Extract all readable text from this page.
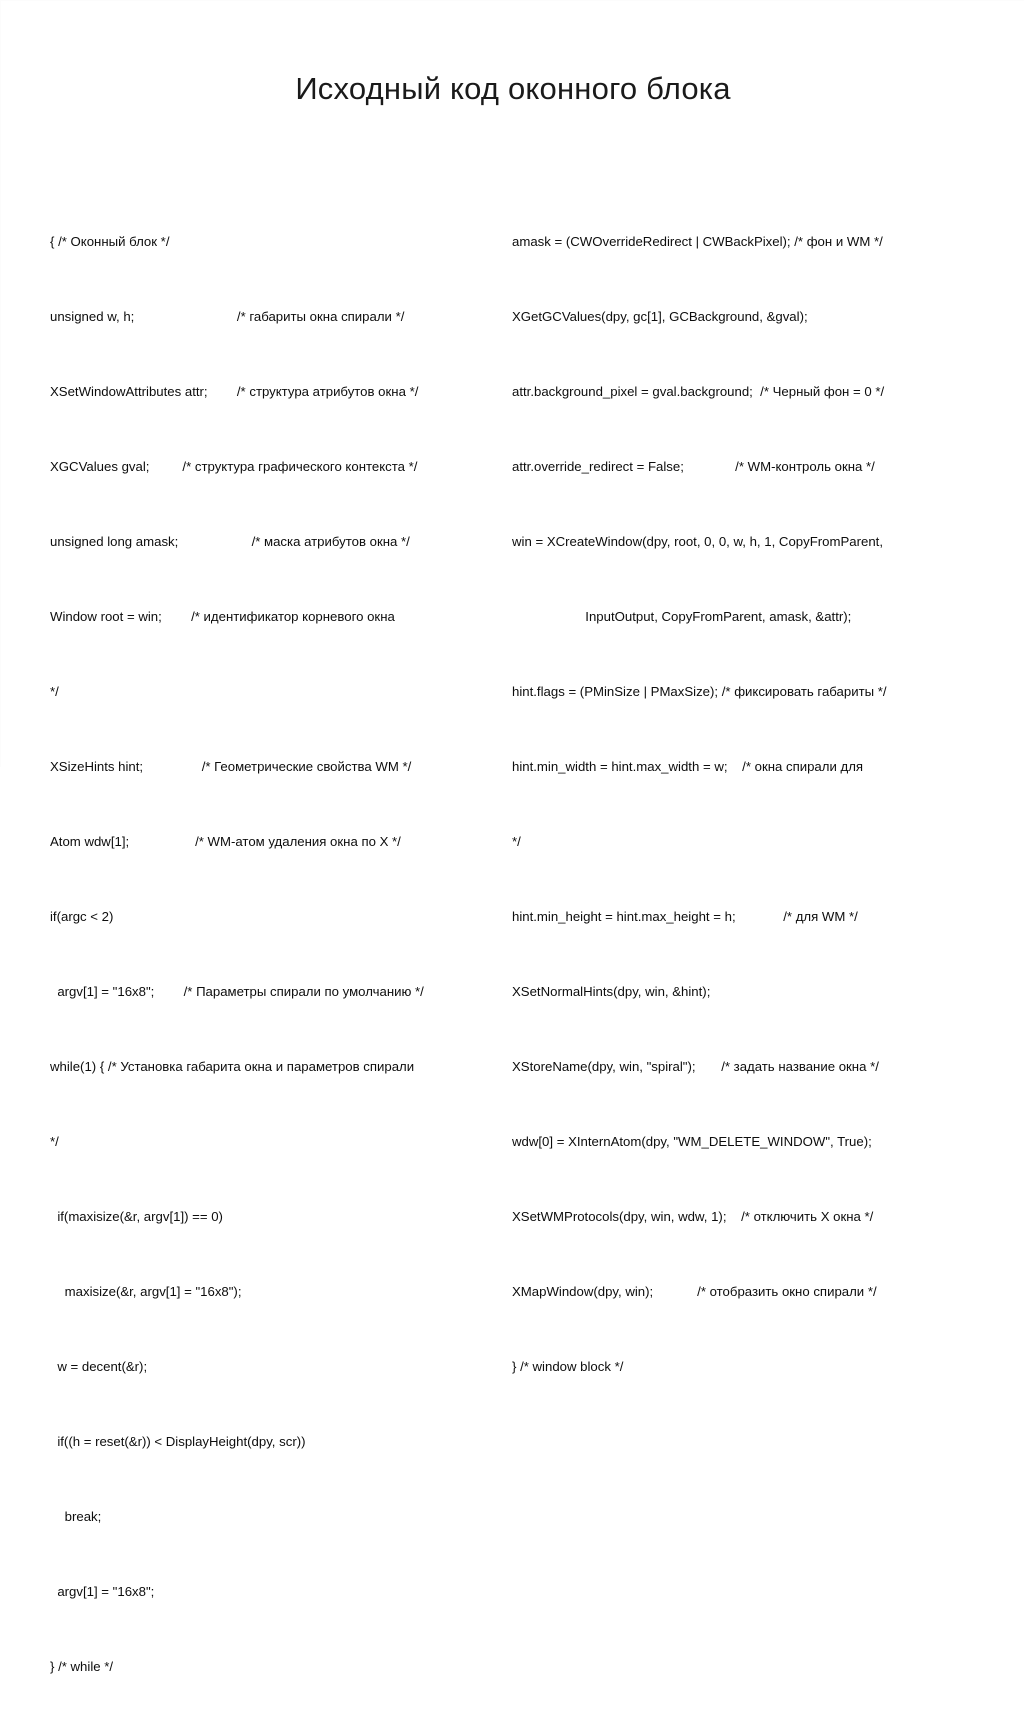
Исходный код оконного блока

{ /* Оконный блок */

unsigned w, h;                            /* габариты окна спирали */

XSetWindowAttributes attr;        /* структура атрибутов окна */

XGCValues gval;         /* структура графического контекста */

unsigned long amask;                    /* маска атрибутов окна */

Window root = win;        /* идентификатор корневого окна

*/

XSizeHints hint;                /* Геометрические свойства WM */

Atom wdw[1];                  /* WM-атом удаления окна по X */

if(argc < 2)

argv[1] = "16x8";        /* Параметры спирали по умолчанию */

while(1) { /* Установка габарита окна и параметров спирали

*/

if(maxisize(&r, argv[1]) == 0)

maxisize(&r, argv[1] = "16x8");

w = decent(&r);

if((h = reset(&r)) < DisplayHeight(dpy, scr))

break;

argv[1] = "16x8";

} /* while */

amask = (CWOverrideRedirect | CWBackPixel); /* фон и WM */

XGetGCValues(dpy, gc[1], GCBackground, &gval);

attr.background_pixel = gval.background;  /* Черный фон = 0 */

attr.override_redirect = False;              /* WM-контроль окна */

win = XCreateWindow(dpy, root, 0, 0, w, h, 1, CopyFromParent,

InputOutput, CopyFromParent, amask, &attr);

hint.flags = (PMinSize | PMaxSize); /* фиксировать габариты */

hint.min_width = hint.max_width = w;    /* окна спирали для

*/

hint.min_height = hint.max_height = h;             /* для WM */

XSetNormalHints(dpy, win, &hint);

XStoreName(dpy, win, "spiral");       /* задать название окна */

wdw[0] = XInternAtom(dpy, "WM_DELETE_WINDOW", True);

XSetWMProtocols(dpy, win, wdw, 1);    /* отключить X окна */

XMapWindow(dpy, win);            /* отобразить окно спирали */

} /* window block */
